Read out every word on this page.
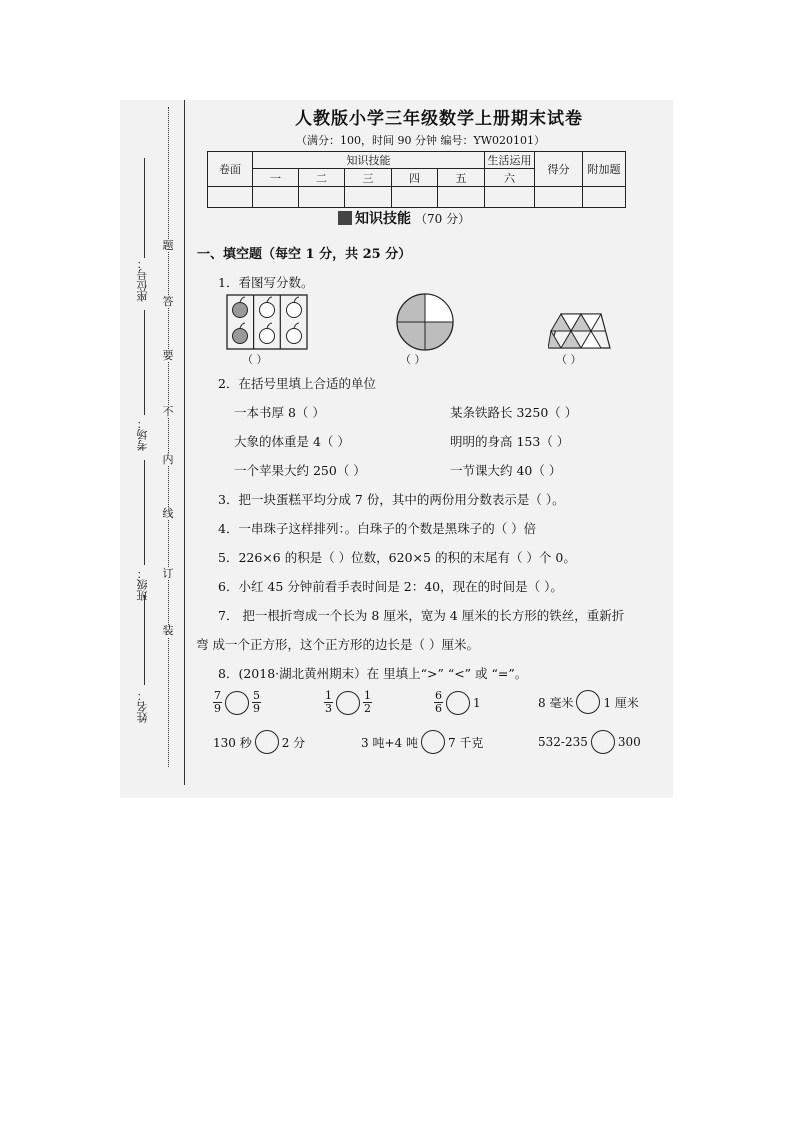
座位号：
考场：
班级：
姓名：
题
答
要
不
内
线
订
装
人教版小学三年级数学上册期末试卷
（满分：100，时间 90 分钟 编号：YW020101）
卷面	知识技能					生活运用	得分	附加题
	一	二	三	四	五	六		

知识技能 （70 分）
一、填空题（每空 1 分，共 25 分）
1．看图写分数。
（ ）	（ ）	（ ）
2．在括号里填上合适的单位
一本书厚 8（ ）	某条铁路长 3250（ ）
大象的体重是 4（ ）	明明的身高 153（ ）
一个苹果大约 250（ ）	一节课大约 40（ ）
3．把一块蛋糕平均分成 7 份，其中的两份用分数表示是（ ）。
4．一串珠子这样排列：。白珠子的个数是黑珠子的（ ）倍
5．226×6 的积是（ ）位数，620×5 的积的末尾有（ ）个 0。
6．小红 45 分钟前看手表时间是 2：40，现在的时间是（ ）。
7． 把一根折弯成一个长为 8 厘米，宽为 4 厘米的长方形的铁丝，重新折
弯 成一个正方形，这个正方形的边长是（ ）厘米。
8．(2018·湖北黄州期末）在 里填上“>” “<” 或 “=”。
$\frac{7}{9}$	$\frac{5}{9}$	$\frac{1}{3}$	$\frac{1}{2}$	$\frac{6}{6}$	1	8 毫米	1 厘米
130 秒	2 分	3 吨+4 吨	7 千克	532-235	300
